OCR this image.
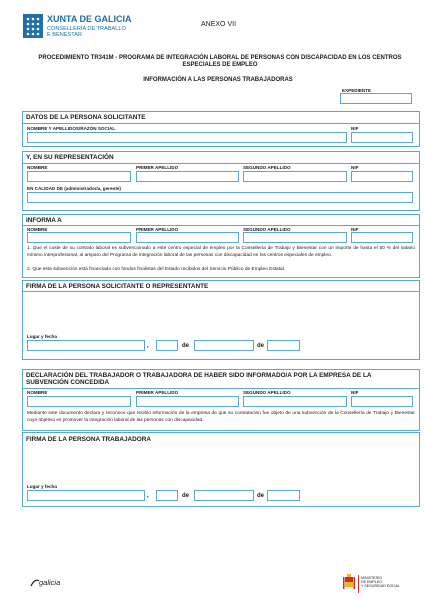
XUNTA DE GALICIA
CONSELLERÍA DE TRABALLO
E BENESTAR
ANEXO VII
PROCEDIMIENTO TR341M - PROGRAMA DE INTEGRACIÓN LABORAL DE PERSONAS CON DISCAPACIDAD EN LOS CENTROS ESPECIALES DE EMPLEO
INFORMACIÓN A LAS PERSONAS TRABAJADORAS
EXPEDIENTE
DATOS DE LA PERSONA SOLICITANTE
NOMBRE Y APELLIDOS/RAZÓN SOCIAL	NIF
Y, EN SU REPRESENTACIÓN
NOMBRE	PRIMER APELLIDO	SEGUNDO APELLIDO	NIF
EN CALIDAD DE (administrador/a, gerente)
INFORMA A
NOMBRE	PRIMER APELLIDO	SEGUNDO APELLIDO	NIF
1. Que el coste de su contrato laboral es subvencionado a este centro especial de empleo por la Consellería de Trabajo y Bienestar con un importe de hasta el 50 % del salario mínimo interprofesional, al amparo del Programa de integración laboral de las personas con discapacidad en los centros especiales de empleo.
2. Que esta subvención está financiada con fondos finalistas del Estado recibidos del Servicio Público de Empleo Estatal.
FIRMA DE LA PERSONA SOLICITANTE O REPRESENTANTE
Lugar y fecha
,	de	de
DECLARACIÓN DEL TRABAJADOR O TRABAJADORA DE HABER SIDO INFORMADO/A POR LA EMPRESA DE LA SUBVENCIÓN CONCEDIDA
NOMBRE	PRIMER APELLIDO	SEGUNDO APELLIDO	NIF
Mediante este documento declara y reconoce que recibió información de la empresa de que su contratación fue objeto de una subvención de la Consellería de Trabajo y Bienestar cuyo objetivo es promover la integración laboral de las personas con discapacidad.
FIRMA DE LA PERSONA TRABAJADORA
Lugar y fecha
,	de	de
galicia	MINISTERIO
DE EMPLEO
Y SEGURIDAD SOCIAL
